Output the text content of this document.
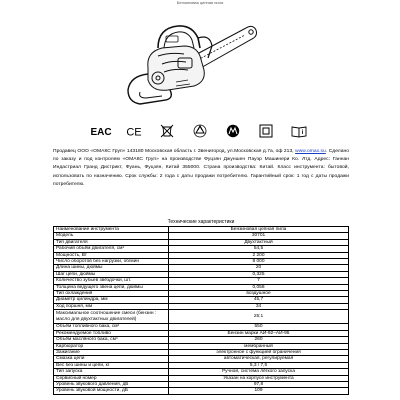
Бензиновая цепная пила
EAC CE	i
Продавец ООО «ОМАКС Груп» 143180 Московская область г. Звенигород, ул.Московская д.7а, оф 213, www.omax.su. Сделано по заказу и под контролем «ОМАКС Груп» на производстве Фуцзян Джуншен Пауэр Машинери Ко. Лтд. Адрес: Ганнан Индастриал Гранд Дистрикт, Фуань, Фуцзян, Китай 355000. Страна производства: Китай. Класс инструмента: бытовой, использовать по назначению. Срок службы: 2 года с даты продажи потребителю. Гарантийный срок: 1 год с даты продажи потребителю.
Технические характеристики
Наименование инструмента	Бензиновая цепная пила
Модель	30701
Тип двигателя	Двухтактный
Рабочий объём двигателя, см³	54,5
Мощность, Вт	2 200
Число оборотов без нагрузки, об/мин	8 000
Длина шины, дюймы	20
Шаг цепи, дюймы	0,325
Количество зубьев звёздочки, шт.	7
Толщина ведущего звена цепи, дюймы	0,058
Тип охлаждения	воздушное
Диаметр цилиндра, мм	45,7
Ход поршня, мм	34
Максимальное соотношение смеси (бензин : масло для двухтактных двигателей)	25:1
Объём топливного бака, см³	550
Рекомендуемое топливо	Бензин марки АИ-92–АИ-95
Объём масляного бака, см³	260
Карбюратор	мембранный
Зажигание	электронное с функцией ограничения
Смазка цепи	автоматическая, регулируемая
Вес без шины и цепи, кг	5,3 / 7,5
Тип запуска	Ручной, система лёгкого запуска
Сервисный номер	Указан на корпусе инструмента
Уровень звукового давления, дБ	97,8
Уровень звуковой мощности, дБ	109
